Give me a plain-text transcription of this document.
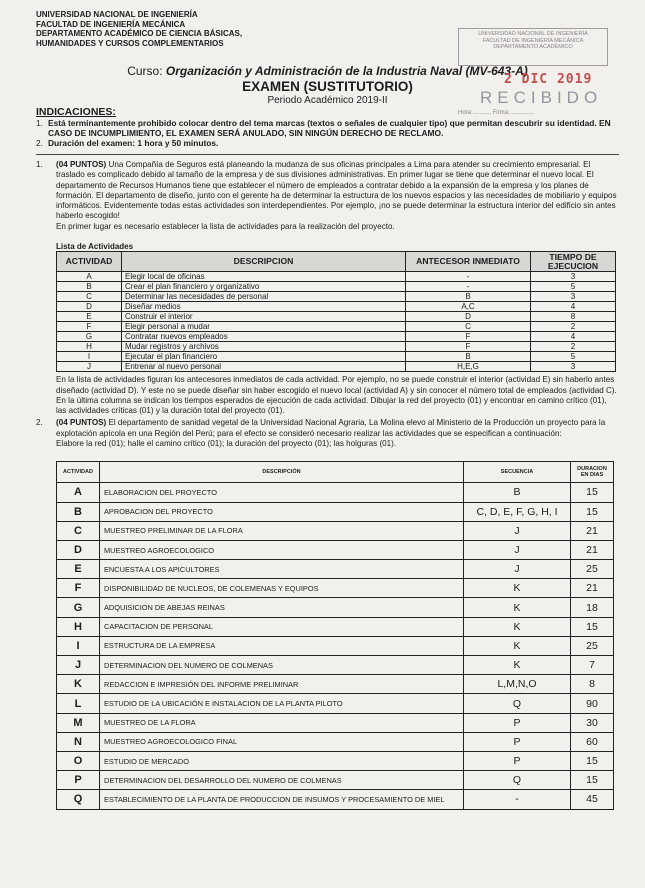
UNIVERSIDAD NACIONAL DE INGENIERÍA
FACULTAD DE INGENIERÍA MECÁNICA
DEPARTAMENTO ACADÉMICO DE CIENCIA BÁSICAS,
HUMANIDADES Y CURSOS COMPLEMENTARIOS
UNIVERSIDAD NACIONAL DE INGENIERÍA
FACULTAD DE INGENIERÍA MECÁNICA
DEPARTAMENTO ACADÉMICO
2 DIC 2019
RECIBIDO
Hora:........... Firma:...............
Curso: Organización y Administración de la Industria Naval (MV-643-A)
EXAMEN (SUSTITUTORIO)
Periodo Académico 2019-II
INDICACIONES:
1. Está terminantemente prohibido colocar dentro del tema marcas (textos o señales de cualquier tipo) que permitan descubrir su identidad. EN CASO DE INCUMPLIMIENTO, EL EXAMEN SERÁ ANULADO, SIN NINGÚN DERECHO DE RECLAMO.
2. Duración del examen: 1 hora y 50 minutos.
1.	(04 PUNTOS) Una Compañía de Seguros está planeando la mudanza de sus oficinas principales a Lima para atender su crecimiento empresarial. El traslado es complicado debido al tamaño de la empresa y de sus divisiones administrativas. En primer lugar se tiene que determinar el nuevo local. El departamento de Recursos Humanos tiene que establecer el número de empleados a contratar debido a la expansión de la empresa y los planes de formación. El departamento de diseño, junto con el gerente ha de determinar la estructura de los nuevos espacios y las necesidades de mobiliario y equipos informáticos. Evidentemente todas estas actividades son interdependientes. Por ejemplo, ¡no se puede determinar la estructura interior del edificio sin antes haberlo escogido!

En primer lugar es necesario establecer la lista de actividades para la realización del proyecto.

Lista de Actividades
ACTIVIDAD	DESCRIPCION	ANTECESOR INMEDIATO	TIEMPO DE EJECUCION
A	Elegir local de oficinas	-	3
B	Crear el plan financiero y organizativo	-	5
C	Determinar las necesidades de personal	B	3
D	Diseñar medios	A,C	4
E	Construir el interior	D	8
F	Elegir personal a mudar	C	2
G	Contratar nuevos empleados	F	4
H	Mudar registros y archivos	F	2
I	Ejecutar el plan financiero	B	5
J	Entrenar al nuevo personal	H,E,G	3
En la lista de actividades figuran los antecesores inmediatos de cada actividad. Por ejemplo, no se puede construir el interior (actividad E) sin haberlo antes diseñado (actividad D). Y este no se puede diseñar sin haber escogido el nuevo local (actividad A) y sin conocer el número total de empleados (actividad C). En la última columna se indican los tiempos esperados de ejecución de cada actividad. Dibujar la red del proyecto (01) y encontrar en camino crítico (01), las actividades críticas (01) y la duración total del proyecto (01).
2.	(04 PUNTOS) El departamento de sanidad vegetal de la Universidad Nacional Agraria, La Molina elevo al Ministerio de la Producción un proyecto para la explotación apícola en una Región del Perú; para el efecto se consideró necesario realizar las actividades que se especifican a continuación:

Elabore la red (01); halle el camino crítico (01); la duración del proyecto (01); las holguras (01).
ACTIVIDAD	DESCRIPCIÓN	SECUENCIA	DURACION EN DIAS
A	ELABORACION DEL PROYECTO	B	15
B	APROBACION DEL PROYECTO	C, D, E, F, G, H, I	15
C	MUESTREO PRELIMINAR DE LA FLORA	J	21
D	MUESTREO AGROECOLOGICO	J	21
E	ENCUESTA A LOS APICULTORES	J	25
F	DISPONIBILIDAD DE NUCLEOS, DE COLEMENAS Y EQUIPOS	K	21
G	ADQUISICION DE ABEJAS REINAS	K	18
H	CAPACITACION DE PERSONAL	K	15
I	ESTRUCTURA DE LA EMPRESA	K	25
J	DETERMINACION DEL NUMERO DE COLMENAS	K	7
K	REDACCION E IMPRESIÓN DEL INFORME PRELIMINAR	L,M,N,O	8
L	ESTUDIO DE LA UBICACIÓN E INSTALACION DE LA PLANTA PILOTO	Q	90
M	MUESTREO DE LA FLORA	P	30
N	MUESTREO AGROECOLOGICO FINAL	P	60
O	ESTUDIO DE MERCADO	P	15
P	DETERMINACION DEL DESARROLLO DEL NUMERO DE COLMENAS	Q	15
Q	ESTABLECIMIENTO DE LA PLANTA DE PRODUCCION DE INSUMOS Y PROCESAMIENTO DE MIEL	-	45
